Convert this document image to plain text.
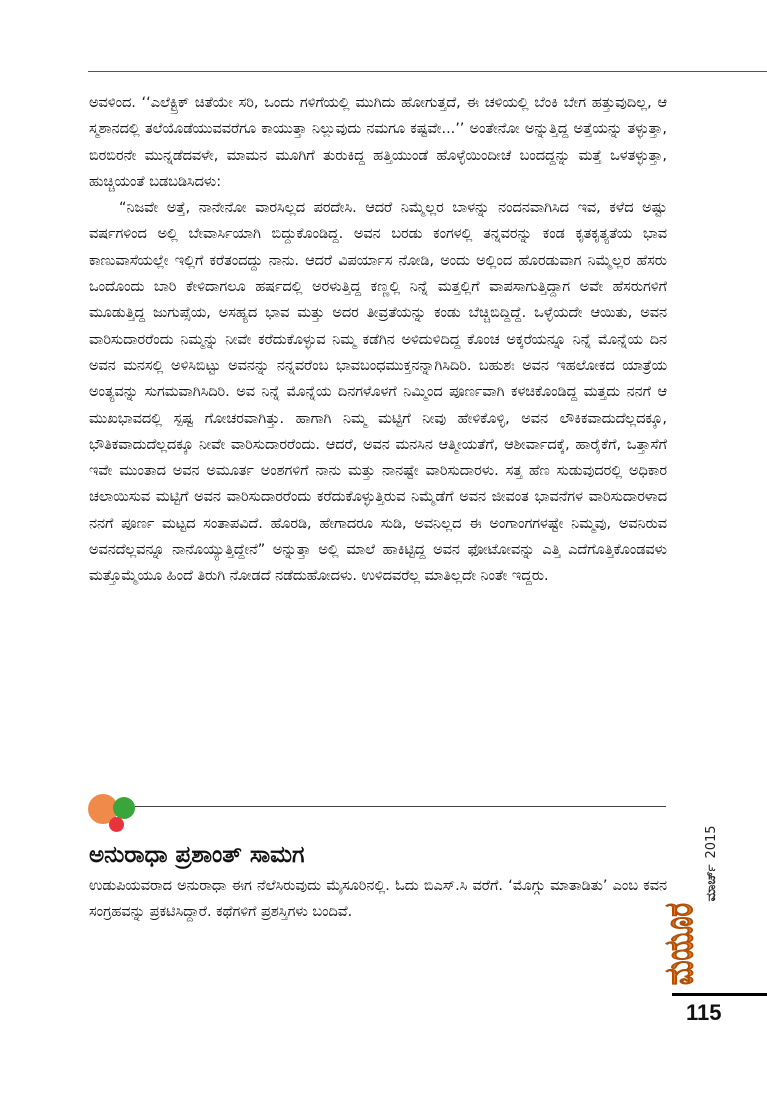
ಅವಳಿಂದ. ‘‘ಎಲೆಕ್ಟ್ರಿಕ್ ಚಿತೆಯೇ ಸರಿ, ಒಂದು ಗಳಿಗೆಯಲ್ಲಿ ಮುಗಿದು ಹೋಗುತ್ತದೆ, ಈ ಚಳಿಯಲ್ಲಿ ಬೆಂಕಿ ಬೇಗ ಹತ್ತುವುದಿಲ್ಲ, ಆ ಸ್ಮಶಾನದಲ್ಲಿ ತಲೆಯೊಡೆಯುವವರೆಗೂ ಕಾಯುತ್ತಾ ನಿಲ್ಲುವುದು ನಮಗೂ ಕಷ್ಟವೇ...’’ ಅಂತೇನೋ ಅನ್ನುತ್ತಿದ್ದ ಅತ್ತೆಯನ್ನು ತಳ್ಳುತ್ತಾ, ಬಿರಬಿರನೇ ಮುನ್ನಡೆದವಳೇ, ಮಾಮನ ಮೂಗಿಗೆ ತುರುಕಿದ್ದ ಹತ್ತಿಯುಂಡೆ ಹೊಳ್ಳೆಯಿಂದೀಚೆ ಬಂದದ್ದನ್ನು ಮತ್ತೆ ಒಳತಳ್ಳುತ್ತಾ, ಹುಚ್ಚಿಯಂತೆ ಬಡಬಡಿಸಿದಳು:

“ನಿಜವೇ ಅತ್ತೆ, ನಾನೇನೋ ವಾರಸಿಲ್ಲದ ಪರದೇಸಿ. ಆದರೆ ನಿಮ್ಮೆಲ್ಲರ ಬಾಳನ್ನು ನಂದನವಾಗಿಸಿದ ಇವ, ಕಳೆದ ಅಷ್ಟು ವರ್ಷಗಳಿಂದ ಅಲ್ಲಿ ಬೇವಾರ್ಸಿಯಾಗಿ ಬಿದ್ದುಕೊಂಡಿದ್ದ. ಅವನ ಬರಡು ಕಂಗಳಲ್ಲಿ ತನ್ನವರನ್ನು ಕಂಡ ಕೃತಕೃತ್ಯತೆಯ ಭಾವ ಕಾಣುವಾಸೆಯಲ್ಲೇ ಇಲ್ಲಿಗೆ ಕರೆತಂದದ್ದು ನಾನು. ಆದರೆ ವಿಪರ್ಯಾಸ ನೋಡಿ, ಅಂದು ಅಲ್ಲಿಂದ ಹೊರಡುವಾಗ ನಿಮ್ಮೆಲ್ಲರ ಹೆಸರು ಒಂದೊಂದು ಬಾರಿ ಕೇಳಿದಾಗಲೂ ಹರ್ಷದಲ್ಲಿ ಅರಳುತ್ತಿದ್ದ ಕಣ್ಣಲ್ಲಿ ನಿನ್ನೆ ಮತ್ತಲ್ಲಿಗೆ ವಾಪಸಾಗುತ್ತಿದ್ದಾಗ ಅವೇ ಹೆಸರುಗಳಿಗೆ ಮೂಡುತ್ತಿದ್ದ ಜುಗುಪ್ಸೆಯ, ಅಸಹ್ಯದ ಭಾವ ಮತ್ತು ಅದರ ತೀವ್ರತೆಯನ್ನು ಕಂಡು ಬೆಚ್ಚಿಬಿದ್ದಿದ್ದೆ. ಒಳ್ಳೆಯದೇ ಆಯಿತು, ಅವನ ವಾರಿಸುದಾರರೆಂದು ನಿಮ್ಮನ್ನು ನೀವೇ ಕರೆದುಕೊಳ್ಳುವ ನಿಮ್ಮ ಕಡೆಗಿನ ಅಳಿದುಳಿದಿದ್ದ ಕೊಂಚ ಅಕ್ಕರೆಯನ್ನೂ ನಿನ್ನೆ ಮೊನ್ನೆಯ ದಿನ ಅವನ ಮನಸಲ್ಲಿ ಅಳಿಸಿಬಿಟ್ಟು ಅವನನ್ನು ನನ್ನವರೆಂಬ ಭಾವಬಂಧಮುಕ್ತನನ್ನಾಗಿಸಿದಿರಿ. ಬಹುಶಃ ಅವನ ಇಹಲೋಕದ ಯಾತ್ರೆಯ ಅಂತ್ಯವನ್ನು ಸುಗಮವಾಗಿಸಿದಿರಿ. ಅವ ನಿನ್ನೆ ಮೊನ್ನೆಯ ದಿನಗಳೊಳಗೆ ನಿಮ್ಮಿಂದ ಪೂರ್ಣವಾಗಿ ಕಳಚಿಕೊಂಡಿದ್ದ ಮತ್ತದು ನನಗೆ ಆ ಮುಖಭಾವದಲ್ಲಿ ಸ್ಪಷ್ಟ ಗೋಚರವಾಗಿತ್ತು. ಹಾಗಾಗಿ ನಿಮ್ಮ ಮಟ್ಟಿಗೆ ನೀವು ಹೇಳಿಕೊಳ್ಳಿ, ಅವನ ಲೌಕಿಕವಾದುದೆಲ್ಲದಕ್ಕೂ, ಭೌತಿಕವಾದುದೆಲ್ಲದಕ್ಕೂ ನೀವೇ ವಾರಿಸುದಾರರೆಂದು. ಆದರೆ, ಅವನ ಮನಸಿನ ಆತ್ಮೀಯತೆಗೆ, ಆಶೀರ್ವಾದಕ್ಕೆ, ಹಾರೈಕೆಗೆ, ಒತ್ತಾಸೆಗೆ ಇವೇ ಮುಂತಾದ ಅವನ ಅಮೂರ್ತ ಅಂಶಗಳಿಗೆ ನಾನು ಮತ್ತು ನಾನಷ್ಟೇ ವಾರಿಸುದಾರಳು. ಸತ್ತ ಹೆಣ ಸುಡುವುದರಲ್ಲಿ ಅಧಿಕಾರ ಚಲಾಯಿಸುವ ಮಟ್ಟಿಗೆ ಅವನ ವಾರಿಸುದಾರರೆಂದು ಕರೆದುಕೊಳ್ಳುತ್ತಿರುವ ನಿಮ್ಮೆಡೆಗೆ ಅವನ ಜೀವಂತ ಭಾವನೆಗಳ ವಾರಿಸುದಾರಳಾದ ನನಗೆ ಪೂರ್ಣ ಮಟ್ಟದ ಸಂತಾಪವಿದೆ. ಹೊರಡಿ, ಹೇಗಾದರೂ ಸುಡಿ, ಅವನಿಲ್ಲದ ಈ ಅಂಗಾಂಗಗಳಷ್ಟೇ ನಿಮ್ಮವು, ಅವನಿರುವ ಅವನದೆಲ್ಲವನ್ನೂ ನಾನೊಯ್ಯುತ್ತಿದ್ದೇನೆ” ಅನ್ನುತ್ತಾ ಅಲ್ಲಿ ಮಾಲೆ ಹಾಕಿಟ್ಟಿದ್ದ ಅವನ ಫೋಟೋವನ್ನು ಎತ್ತಿ ಎದೆಗೊತ್ತಿಕೊಂಡವಳು ಮತ್ತೊಮ್ಮೆಯೂ ಹಿಂದೆ ತಿರುಗಿ ನೋಡದೆ ನಡೆದುಹೋದಳು. ಉಳಿದವರೆಲ್ಲ ಮಾತಿಲ್ಲದೇ ನಿಂತೇ ಇದ್ದರು.

ಅನುರಾಧಾ ಪ್ರಶಾಂತ್ ಸಾಮಗ

ಉಡುಪಿಯವರಾದ ಅನುರಾಧಾ ಈಗ ನೆಲೆಸಿರುವುದು ಮೈಸೂರಿನಲ್ಲಿ. ಓದು ಬಿಎಸ್.ಸಿ ವರೆಗೆ. ‘ಮೊಗ್ಗು ಮಾತಾಡಿತು’ ಎಂಬ ಕವನ ಸಂಗ್ರಹವನ್ನು ಪ್ರಕಟಿಸಿದ್ದಾರೆ. ಕಥೆಗಳಿಗೆ ಪ್ರಶಸ್ತಿಗಳು ಬಂದಿವೆ.

2015
ಮಾರ್ಚ್
ಮಯೂರ
115
